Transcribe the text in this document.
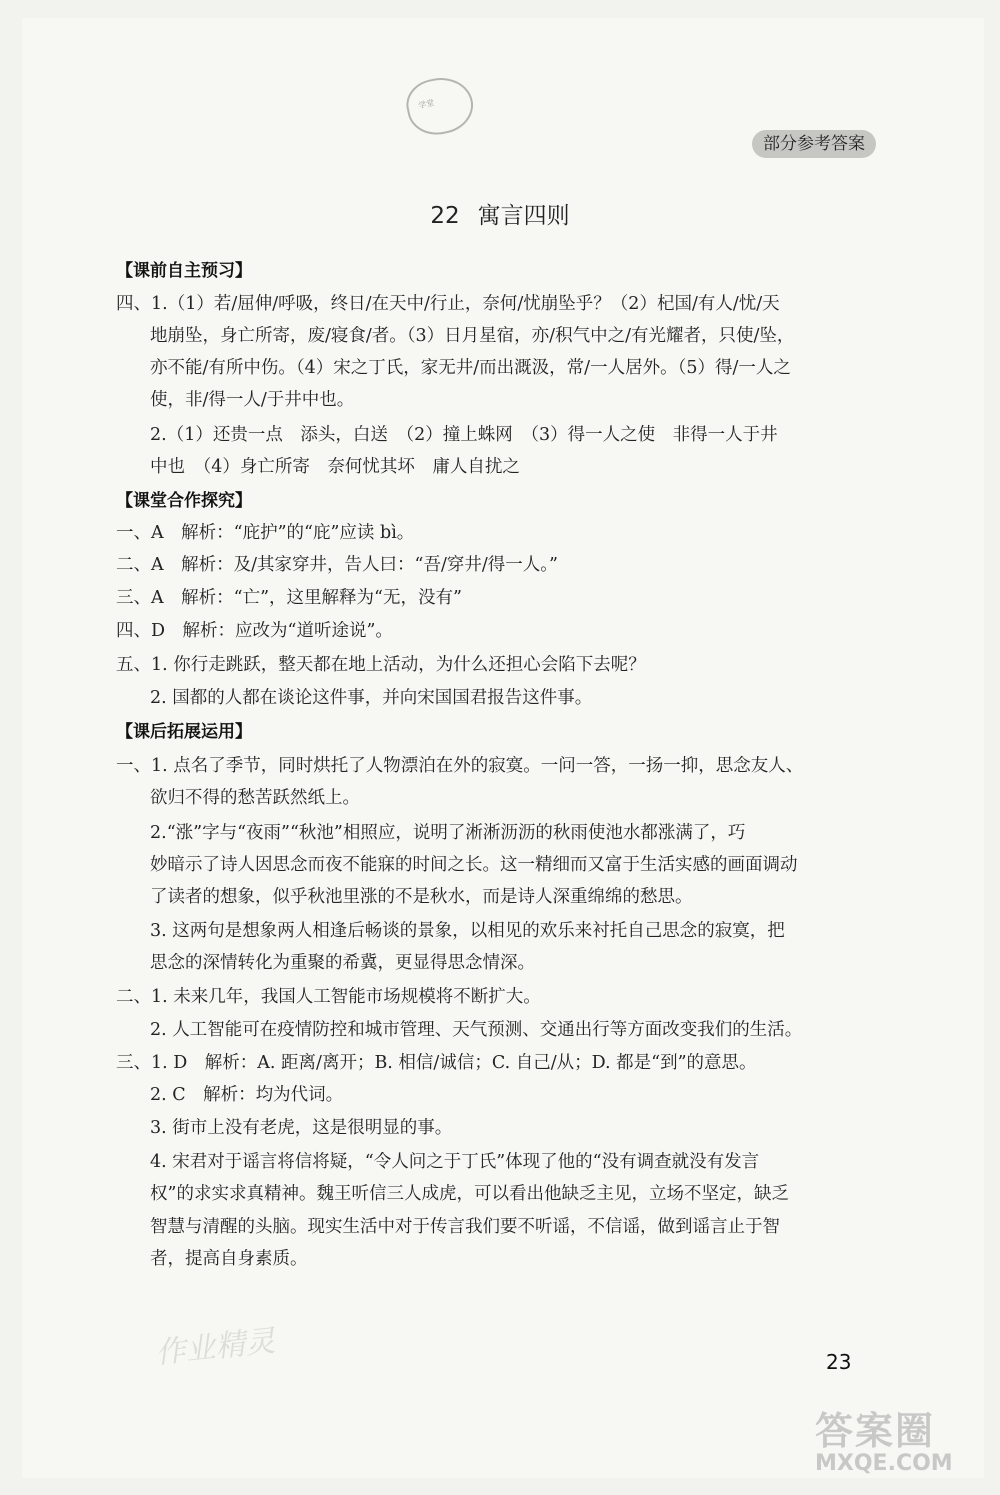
学堂
部分参考答案
22 寓言四则
【课前自主预习】
四、1.（1）若/屈伸/呼吸，终日/在天中/行止，奈何/忧崩坠乎？（2）杞国/有人/忧/天
地崩坠，身亡所寄，废/寝食/者。（3）日月星宿，亦/积气中之/有光耀者，只使/坠，
亦不能/有所中伤。（4）宋之丁氏，家无井/而出溉汲，常/一人居外。（5）得/一人之
使，非/得一人/于井中也。
2.（1）还贵一点　添头，白送　（2）撞上蛛网　（3）得一人之使　非得一人于井
中也　（4）身亡所寄　奈何忧其坏　庸人自扰之
【课堂合作探究】
一、A　解析：“庇护”的“庇”应读 bì。
二、A　解析：及/其家穿井，告人曰：“吾/穿井/得一人。”
三、A　解析：“亡”，这里解释为“无，没有”
四、D　解析：应改为“道听途说”。
五、1. 你行走跳跃，整天都在地上活动，为什么还担心会陷下去呢？
2. 国都的人都在谈论这件事，并向宋国国君报告这件事。
【课后拓展运用】
一、1. 点名了季节，同时烘托了人物漂泊在外的寂寞。一问一答，一扬一抑，思念友人、
欲归不得的愁苦跃然纸上。
2.“涨”字与“夜雨”“秋池”相照应，说明了淅淅沥沥的秋雨使池水都涨满了，巧
妙暗示了诗人因思念而夜不能寐的时间之长。这一精细而又富于生活实感的画面调动
了读者的想象，似乎秋池里涨的不是秋水，而是诗人深重绵绵的愁思。
3. 这两句是想象两人相逢后畅谈的景象，以相见的欢乐来衬托自己思念的寂寞，把
思念的深情转化为重聚的希冀，更显得思念情深。
二、1. 未来几年，我国人工智能市场规模将不断扩大。
2. 人工智能可在疫情防控和城市管理、天气预测、交通出行等方面改变我们的生活。
三、1. D　解析：A. 距离/离开；B. 相信/诚信；C. 自己/从；D. 都是“到”的意思。
2. C　解析：均为代词。
3. 街市上没有老虎，这是很明显的事。
4. 宋君对于谣言将信将疑，“令人问之于丁氏”体现了他的“没有调查就没有发言
权”的求实求真精神。魏王听信三人成虎，可以看出他缺乏主见，立场不坚定，缺乏
智慧与清醒的头脑。现实生活中对于传言我们要不听谣，不信谣，做到谣言止于智
者，提高自身素质。
作业精灵	23
答案圈
MXQE.COM
